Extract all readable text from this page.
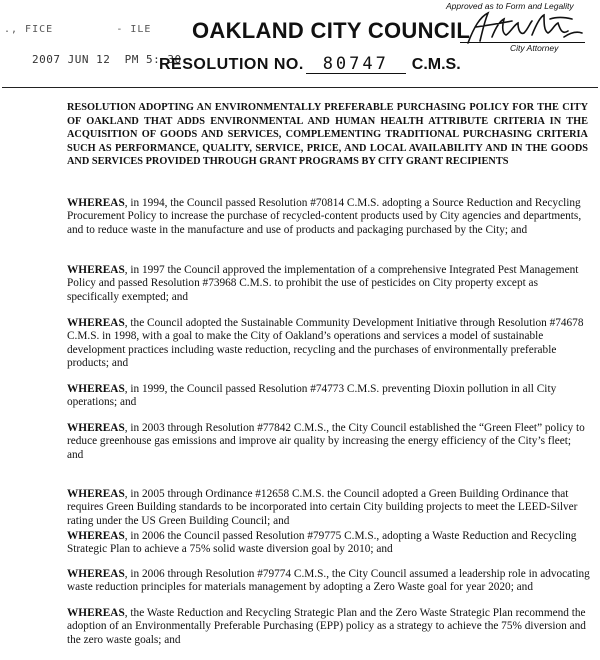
., FICE         - ILE
2007 JUN 12  PM 5: 30
OAKLAND CITY COUNCIL
RESOLUTION NO. 80747 C.M.S.
Approved as to Form and Legality
City Attorney

RESOLUTION ADOPTING AN ENVIRONMENTALLY PREFERABLE PURCHASING POLICY FOR THE CITY OF OAKLAND THAT ADDS ENVIRONMENTAL AND HUMAN HEALTH ATTRIBUTE CRITERIA IN THE ACQUISITION OF GOODS AND SERVICES, COMPLEMENTING TRADITIONAL PURCHASING CRITERIA SUCH AS PERFORMANCE, QUALITY, SERVICE, PRICE, AND LOCAL AVAILABILITY AND IN THE GOODS AND SERVICES PROVIDED THROUGH GRANT PROGRAMS BY CITY GRANT RECIPIENTS

WHEREAS, in 1994, the Council passed Resolution #70814 C.M.S. adopting a Source Reduction and Recycling Procurement Policy to increase the purchase of recycled-content products used by City agencies and departments, and to reduce waste in the manufacture and use of products and packaging purchased by the City; and

WHEREAS, in 1997 the Council approved the implementation of a comprehensive Integrated Pest Management Policy and passed Resolution #73968 C.M.S. to prohibit the use of pesticides on City property except as specifically exempted; and

WHEREAS, the Council adopted the Sustainable Community Development Initiative through Resolution #74678 C.M.S. in 1998, with a goal to make the City of Oakland’s operations and services a model of sustainable development practices including waste reduction, recycling and the purchases of environmentally preferable products; and

WHEREAS, in 1999, the Council passed Resolution #74773 C.M.S. preventing Dioxin pollution in all City operations; and

WHEREAS, in 2003 through Resolution #77842 C.M.S., the City Council established the “Green Fleet” policy to reduce greenhouse gas emissions and improve air quality by increasing the energy efficiency of the City’s fleet; and

WHEREAS, in 2005 through Ordinance #12658 C.M.S. the Council adopted a Green Building Ordinance that requires Green Building standards to be incorporated into certain City building projects to meet the LEED-Silver rating under the US Green Building Council; and

WHEREAS, in 2006 the Council passed Resolution #79775 C.M.S., adopting a Waste Reduction and Recycling Strategic Plan to achieve a 75% solid waste diversion goal by 2010; and

WHEREAS, in 2006 through Resolution #79774 C.M.S., the City Council assumed a leadership role in advocating waste reduction principles for materials management by adopting a Zero Waste goal for year 2020; and

WHEREAS, the Waste Reduction and Recycling Strategic Plan and the Zero Waste Strategic Plan recommend the adoption of an Environmentally Preferable Purchasing (EPP) policy as a strategy to achieve the 75% diversion and the zero waste goals; and
